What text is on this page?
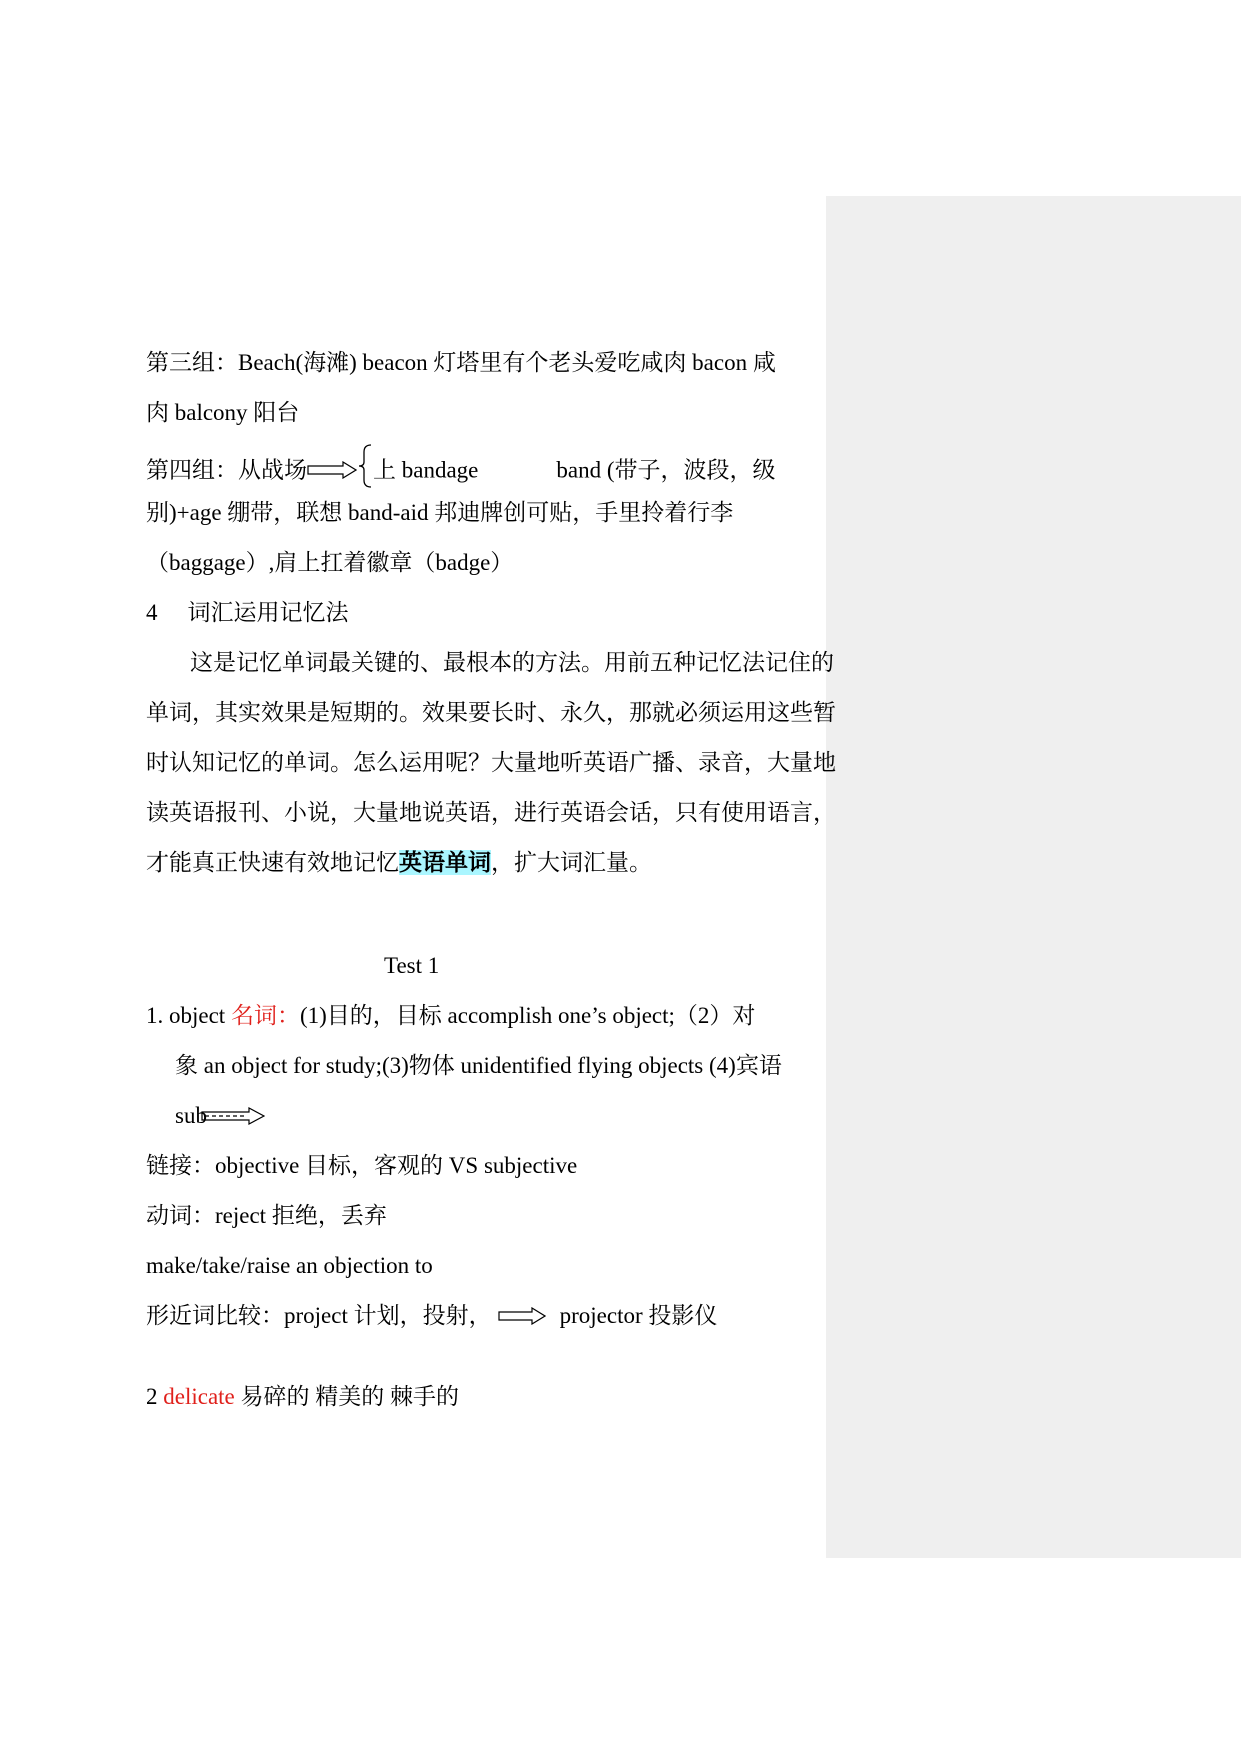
第三组：Beach(海滩) beacon 灯塔里有个老头爱吃咸肉 bacon 咸
肉 balcony 阳台
第四组：从战场	上 bandage	band (带子，波段，级
别)+age 绷带，联想 band-aid 邦迪牌创可贴，手里拎着行李
（baggage）,肩上扛着徽章（badge）
4 词汇运用记忆法
这是记忆单词最关键的、最根本的方法。用前五种记忆法记住的
单词，其实效果是短期的。效果要长时、永久，那就必须运用这些暂
时认知记忆的单词。怎么运用呢？大量地听英语广播、录音，大量地
读英语报刊、小说，大量地说英语，进行英语会话，只有使用语言，
才能真正快速有效地记忆英语单词，扩大词汇量。
Test 1
1. object 名词：(1)目的，目标 accomplish one’s object;（2）对
象 an object for study;(3)物体 unidentified flying objects (4)宾语
sub
链接：objective 目标，客观的 VS subjective
动词：reject 拒绝，丢弃
make/take/raise an objection to
形近词比较：project 计划，投射，	projector 投影仪
2 delicate 易碎的 精美的 棘手的
